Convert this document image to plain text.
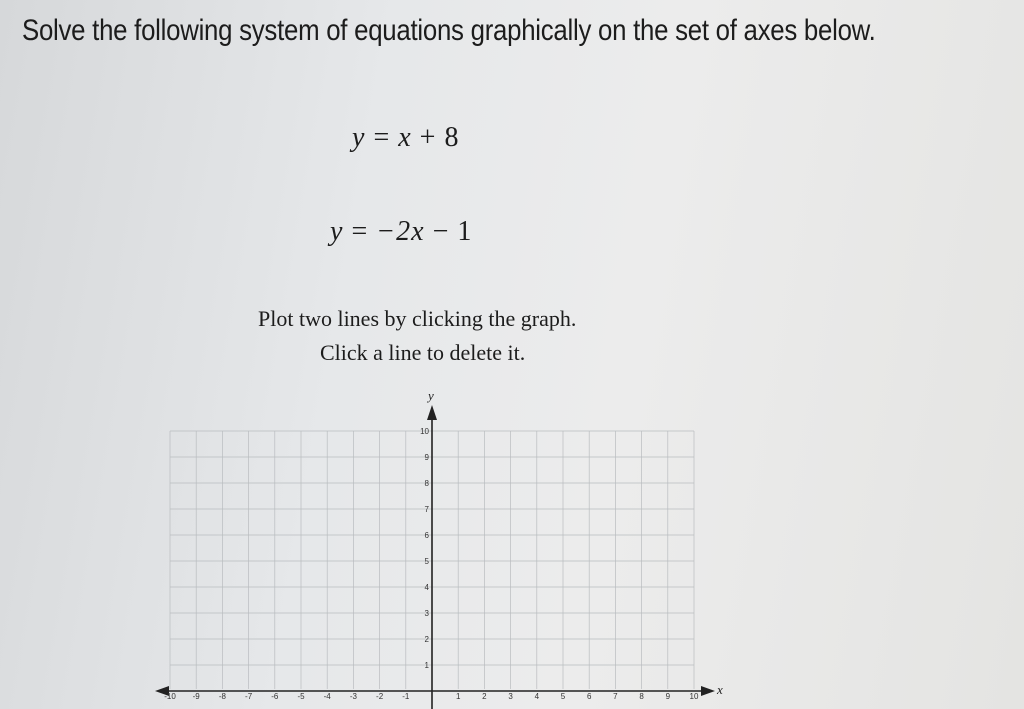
Solve the following system of equations graphically on the set of axes below.
y = x + 8
y = −2x − 1
Plot two lines by clicking the graph.
Click a line to delete it.
x
y
-10 -9 -8 -7 -6 -5 -4 -3 -2 -1	1	2	3	4	5	6	7	8	9 10
1
2
3
4
5
6
7
8
9
10
